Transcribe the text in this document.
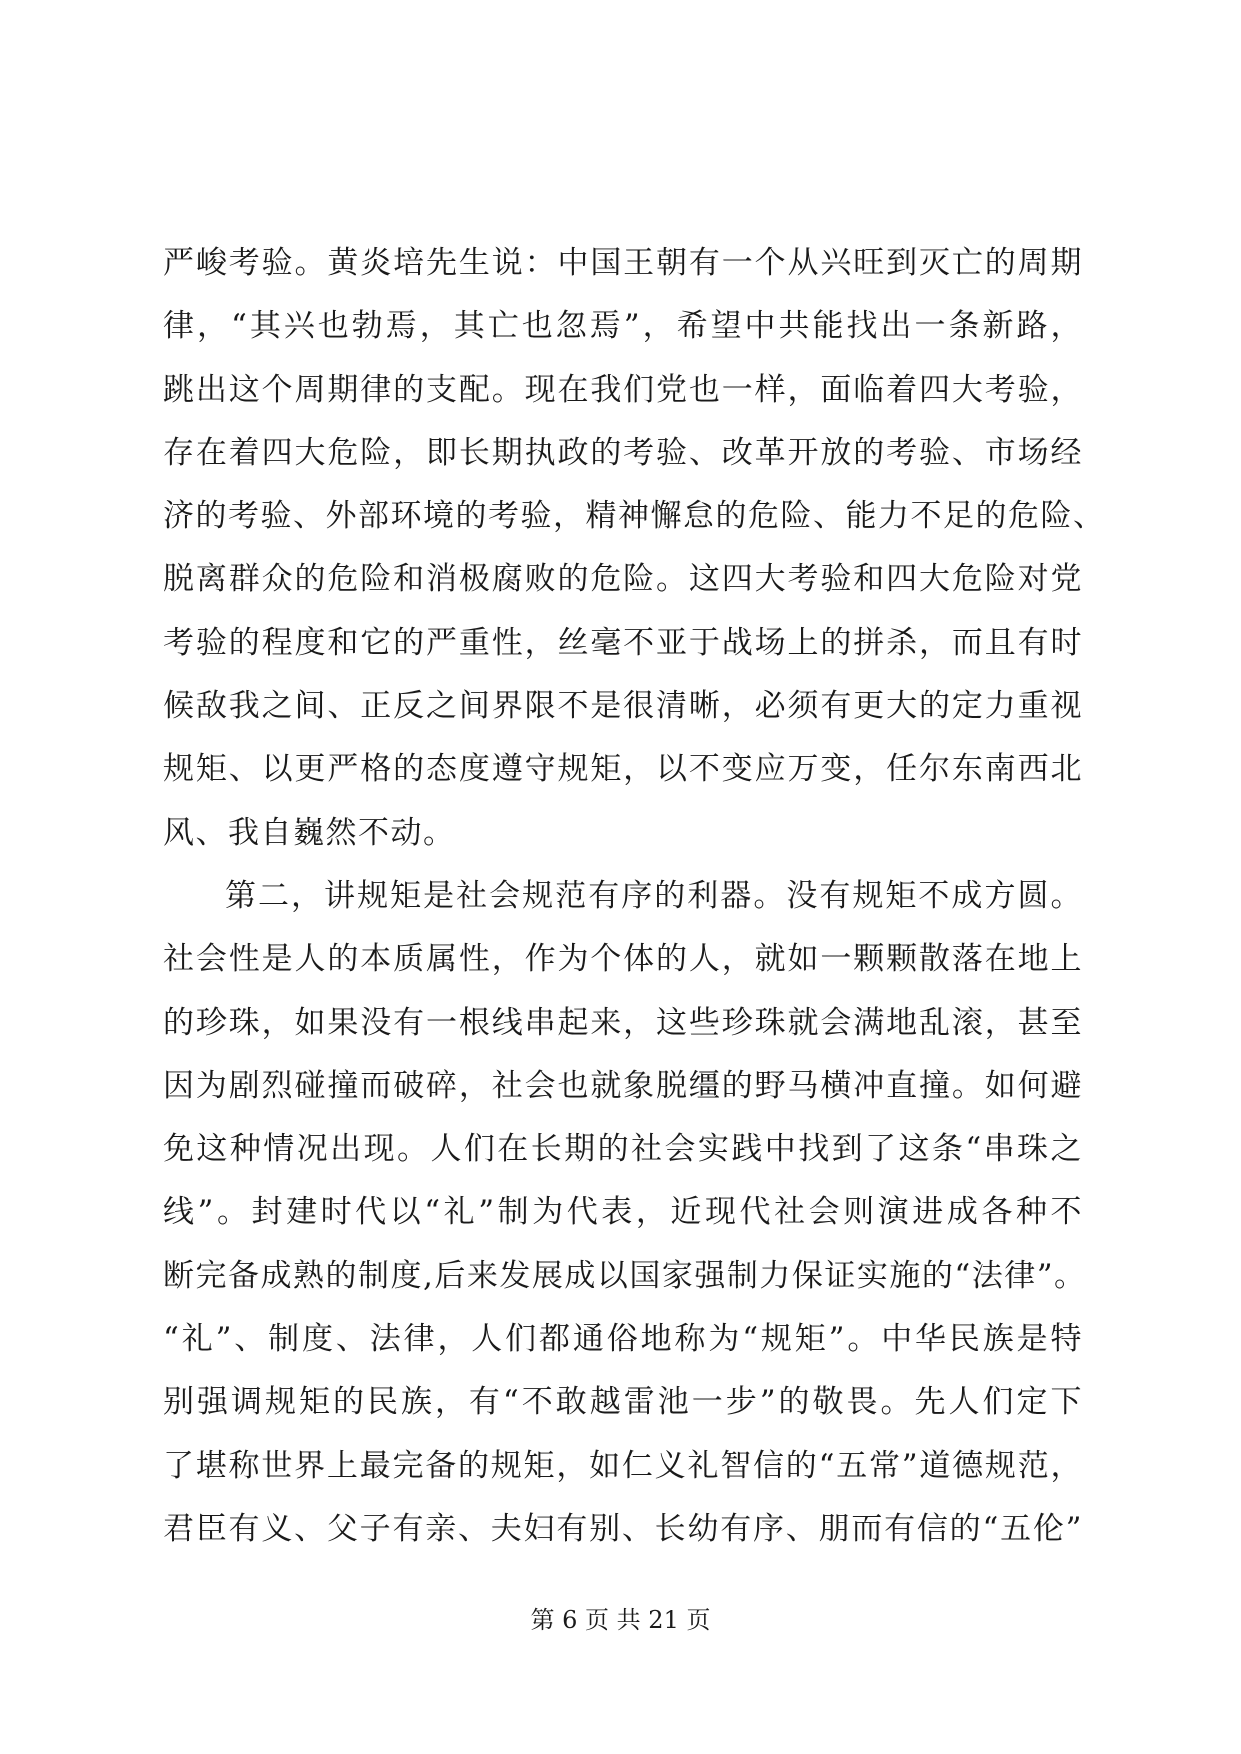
严峻考验。黄炎培先生说：中国王朝有一个从兴旺到灭亡的周期
律，“其兴也勃焉，其亡也忽焉”，希望中共能找出一条新路，
跳出这个周期律的支配。现在我们党也一样，面临着四大考验，
存在着四大危险，即长期执政的考验、改革开放的考验、市场经
济的考验、外部环境的考验，精神懈怠的危险、能力不足的危险、
脱离群众的危险和消极腐败的危险。这四大考验和四大危险对党
考验的程度和它的严重性，丝毫不亚于战场上的拼杀，而且有时
候敌我之间、正反之间界限不是很清晰，必须有更大的定力重视
规矩、以更严格的态度遵守规矩，以不变应万变，任尔东南西北
风、我自巍然不动。
第二，讲规矩是社会规范有序的利器。没有规矩不成方圆。
社会性是人的本质属性，作为个体的人，就如一颗颗散落在地上
的珍珠，如果没有一根线串起来，这些珍珠就会满地乱滚，甚至
因为剧烈碰撞而破碎，社会也就象脱缰的野马横冲直撞。如何避
免这种情况出现。人们在长期的社会实践中找到了这条“串珠之
线”。封建时代以“礼”制为代表，近现代社会则演进成各种不
断完备成熟的制度,后来发展成以国家强制力保证实施的“法律”。
“礼”、制度、法律，人们都通俗地称为“规矩”。中华民族是特
别强调规矩的民族，有“不敢越雷池一步”的敬畏。先人们定下
了堪称世界上最完备的规矩，如仁义礼智信的“五常”道德规范，
君臣有义、父子有亲、夫妇有别、长幼有序、朋而有信的“五伦”
第 6 页 共 21 页
